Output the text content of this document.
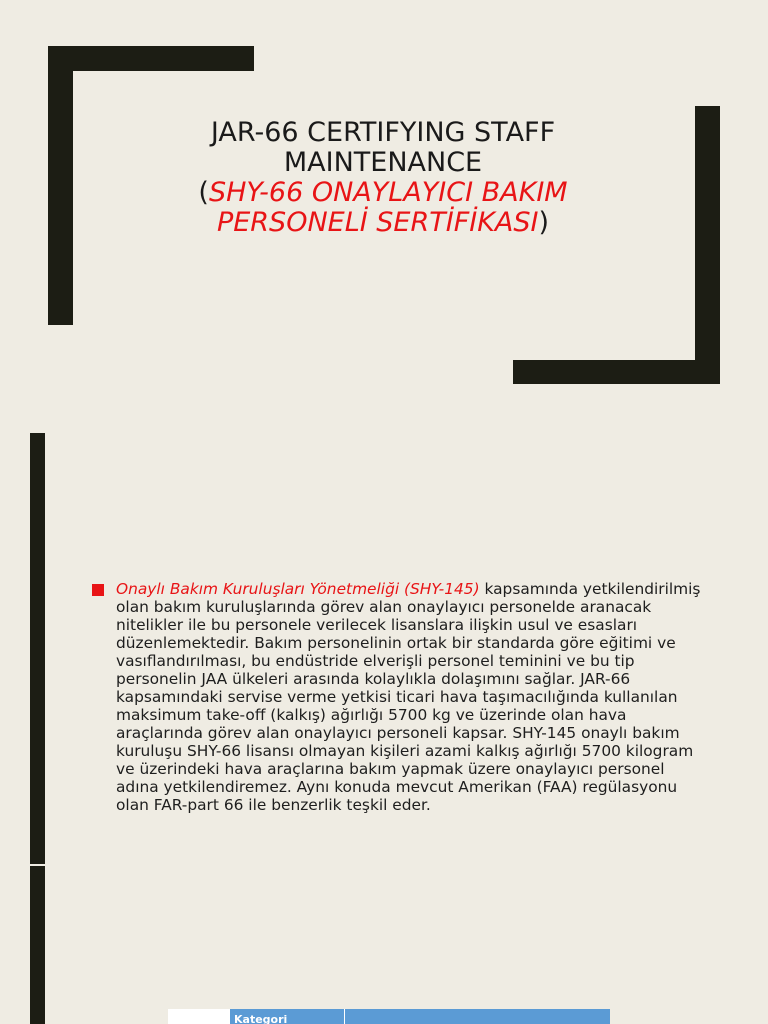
JAR-66 CERTIFYING STAFF MAINTENANCE
(SHY-66 ONAYLAYICI BAKIM PERSONELİ SERTİFİKASI)
Onaylı Bakım Kuruluşları Yönetmeliği (SHY-145) kapsamında yetkilendirilmiş olan bakım kuruluşlarında görev alan onaylayıcı personelde aranacak nitelikler ile bu personele verilecek lisanslara ilişkin usul ve esasları düzenlemektedir. Bakım personelinin ortak bir standarda göre eğitimi ve vasıflandırılması, bu endüstride elverişli personel teminini ve bu tip personelin JAA ülkeleri arasında kolaylıkla dolaşımını sağlar. JAR-66 kapsamındaki servise verme yetkisi ticari hava taşımacılığında kullanılan maksimum take-off (kalkış) ağırlığı 5700 kg ve üzerinde olan hava araçlarında görev alan onaylayıcı personeli kapsar. SHY-145 onaylı bakım kuruluşu SHY-66 lisansı olmayan kişileri azami kalkış ağırlığı 5700 kilogram ve üzerindeki hava araçlarına bakım yapmak üzere onaylayıcı personel adına yetkilendiremez. Aynı konuda mevcut Amerikan (FAA) regülasyonu olan FAR-part 66 ile benzerlik teşkil eder.
Kategori
